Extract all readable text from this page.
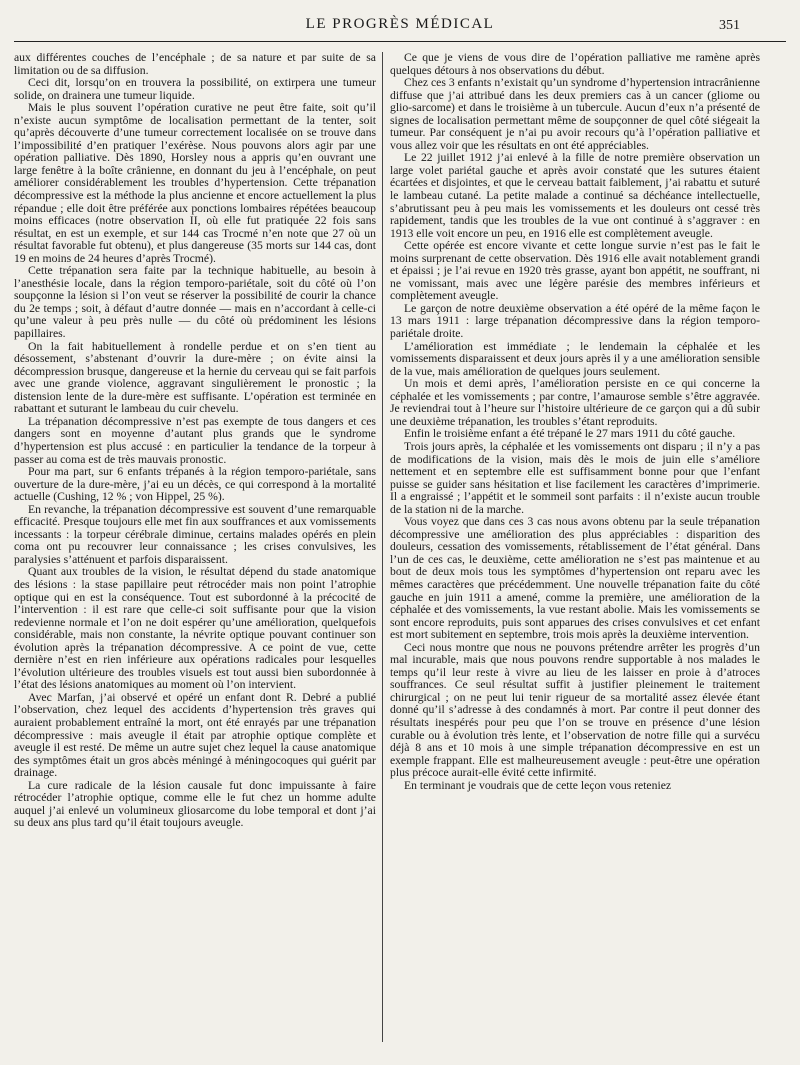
LE PROGRÈS MÉDICAL	351

aux différentes couches de l’encéphale ; de sa nature et par suite de sa limitation ou de sa diffusion.

Ceci dit, lorsqu’on en trouvera la possibilité, on extirpera une tumeur solide, on drainera une tumeur liquide.

Mais le plus souvent l’opération curative ne peut être faite, soit qu’il n’existe aucun symptôme de localisation permettant de la tenter, soit qu’après découverte d’une tumeur correctement localisée on se trouve dans l’impossibilité d’en pratiquer l’exérèse. Nous pouvons alors agir par une opération palliative. Dès 1890, Horsley nous a appris qu’en ouvrant une large fenêtre à la boîte crânienne, en donnant du jeu à l’encéphale, on peut améliorer considérablement les troubles d’hypertension. Cette trépanation décompressive est la méthode la plus ancienne et encore actuellement la plus répandue ; elle doit être préférée aux ponctions lombaires répétées beaucoup moins efficaces (notre observation II, où elle fut pratiquée 22 fois sans résultat, en est un exemple, et sur 144 cas Trocmé n’en note que 27 où un résultat favorable fut obtenu), et plus dangereuse (35 morts sur 144 cas, dont 19 en moins de 24 heures d’après Trocmé).

Cette trépanation sera faite par la technique habituelle, au besoin à l’anesthésie locale, dans la région temporo-pariétale, soit du côté où l’on soupçonne la lésion si l’on veut se réserver la possibilité de courir la chance du 2e temps ; soit, à défaut d’autre donnée — mais en n’accordant à celle-ci qu’une valeur à peu près nulle — du côté où prédominent les lésions papillaires.

On la fait habituellement à rondelle perdue et on s’en tient au désossement, s’abstenant d’ouvrir la dure-mère ; on évite ainsi la décompression brusque, dangereuse et la hernie du cerveau qui se fait parfois avec une grande violence, aggravant singulièrement le pronostic ; la distension lente de la dure-mère est suffisante. L’opération est terminée en rabattant et suturant le lambeau du cuir chevelu.

La trépanation décompressive n’est pas exempte de tous dangers et ces dangers sont en moyenne d’autant plus grands que le syndrome d’hypertension est plus accusé : en particulier la tendance de la torpeur à passer au coma est de très mauvais pronostic.

Pour ma part, sur 6 enfants trépanés à la région temporo-pariétale, sans ouverture de la dure-mère, j’ai eu un décès, ce qui correspond à la mortalité actuelle (Cushing, 12 % ; von Hippel, 25 %).

En revanche, la trépanation décompressive est souvent d’une remarquable efficacité. Presque toujours elle met fin aux souffrances et aux vomissements incessants : la torpeur cérébrale diminue, certains malades opérés en plein coma ont pu recouvrer leur connaissance ; les crises convulsives, les paralysies s’atténuent et parfois disparaissent.

Quant aux troubles de la vision, le résultat dépend du stade anatomique des lésions : la stase papillaire peut rétrocéder mais non point l’atrophie optique qui en est la conséquence. Tout est subordonné à la précocité de l’intervention : il est rare que celle-ci soit suffisante pour que la vision redevienne normale et l’on ne doit espérer qu’une amélioration, quelquefois considérable, mais non constante, la névrite optique pouvant continuer son évolution après la trépanation décompressive. A ce point de vue, cette dernière n’est en rien inférieure aux opérations radicales pour lesquelles l’évolution ultérieure des troubles visuels est tout aussi bien subordonnée à l’état des lésions anatomiques au moment où l’on intervient.

Avec Marfan, j’ai observé et opéré un enfant dont R. Debré a publié l’observation, chez lequel des accidents d’hypertension très graves qui auraient probablement entraîné la mort, ont été enrayés par une trépanation décompressive : mais aveugle il était par atrophie optique complète et aveugle il est resté. De même un autre sujet chez lequel la cause anatomique des symptômes était un gros abcès méningé à méningocoques qui guérit par drainage.

La cure radicale de la lésion causale fut donc impuissante à faire rétrocéder l’atrophie optique, comme elle le fut chez un homme adulte auquel j’ai enlevé un volumineux gliosarcome du lobe temporal et dont j’ai su deux ans plus tard qu’il était toujours aveugle.

Ce que je viens de vous dire de l’opération palliative me ramène après quelques détours à nos observations du début.

Chez ces 3 enfants n’existait qu’un syndrome d’hypertension intracrânienne diffuse que j’ai attribué dans les deux premiers cas à un cancer (gliome ou glio-sarcome) et dans le troisième à un tubercule. Aucun d’eux n’a présenté de signes de localisation permettant même de soupçonner de quel côté siégeait la tumeur. Par conséquent je n’ai pu avoir recours qu’à l’opération palliative et vous allez voir que les résultats en ont été appréciables.

Le 22 juillet 1912 j’ai enlevé à la fille de notre première observation un large volet pariétal gauche et après avoir constaté que les sutures étaient écartées et disjointes, et que le cerveau battait faiblement, j’ai rabattu et suturé le lambeau cutané. La petite malade a continué sa déchéance intellectuelle, s’abrutissant peu à peu mais les vomissements et les douleurs ont cessé très rapidement, tandis que les troubles de la vue ont continué à s’aggraver : en 1913 elle voit encore un peu, en 1916 elle est complètement aveugle.

Cette opérée est encore vivante et cette longue survie n’est pas le fait le moins surprenant de cette observation. Dès 1916 elle avait notablement grandi et épaissi ; je l’ai revue en 1920 très grasse, ayant bon appétit, ne souffrant, ni ne vomissant, mais avec une légère parésie des membres inférieurs et complètement aveugle.

Le garçon de notre deuxième observation a été opéré de la même façon le 13 mars 1911 : large trépanation décompressive dans la région temporo-pariétale droite.

L’amélioration est immédiate ; le lendemain la céphalée et les vomissements disparaissent et deux jours après il y a une amélioration sensible de la vue, mais amélioration de quelques jours seulement.

Un mois et demi après, l’amélioration persiste en ce qui concerne la céphalée et les vomissements ; par contre, l’amaurose semble s’être aggravée. Je reviendrai tout à l’heure sur l’histoire ultérieure de ce garçon qui a dû subir une deuxième trépanation, les troubles s’étant reproduits.

Enfin le troisième enfant a été trépané le 27 mars 1911 du côté gauche.

Trois jours après, la céphalée et les vomissements ont disparu ; il n’y a pas de modifications de la vision, mais dès le mois de juin elle s’améliore nettement et en septembre elle est suffisamment bonne pour que l’enfant puisse se guider sans hésitation et lise facilement les caractères d’imprimerie. Il a engraissé ; l’appétit et le sommeil sont parfaits : il n’existe aucun trouble de la station ni de la marche.

Vous voyez que dans ces 3 cas nous avons obtenu par la seule trépanation décompressive une amélioration des plus appréciables : disparition des douleurs, cessation des vomissements, rétablissement de l’état général. Dans l’un de ces cas, le deuxième, cette amélioration ne s’est pas maintenue et au bout de deux mois tous les symptômes d’hypertension ont reparu avec les mêmes caractères que précédemment. Une nouvelle trépanation faite du côté gauche en juin 1911 a amené, comme la première, une amélioration de la céphalée et des vomissements, la vue restant abolie. Mais les vomissements se sont encore reproduits, puis sont apparues des crises convulsives et cet enfant est mort subitement en septembre, trois mois après la deuxième intervention.

Ceci nous montre que nous ne pouvons prétendre arrêter les progrès d’un mal incurable, mais que nous pouvons rendre supportable à nos malades le temps qu’il leur reste à vivre au lieu de les laisser en proie à d’atroces souffrances. Ce seul résultat suffit à justifier pleinement le traitement chirurgical ; on ne peut lui tenir rigueur de sa mortalité assez élevée étant donné qu’il s’adresse à des condamnés à mort. Par contre il peut donner des résultats inespérés pour peu que l’on se trouve en présence d’une lésion curable ou à évolution très lente, et l’observation de notre fille qui a survécu déjà 8 ans et 10 mois à une simple trépanation décompressive en est un exemple frappant. Elle est malheureusement aveugle : peut-être une opération plus précoce aurait-elle évité cette infirmité.

En terminant je voudrais que de cette leçon vous reteniez
